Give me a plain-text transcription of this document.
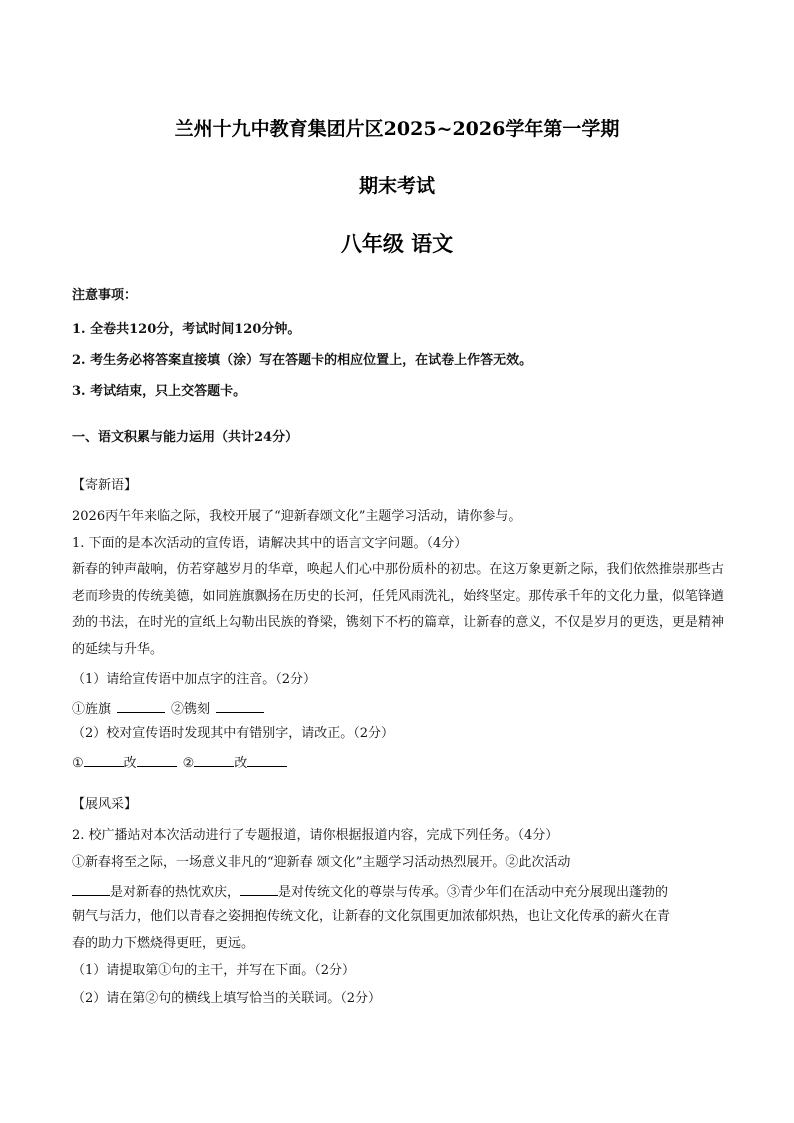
兰州十九中教育集团片区2025~2026学年第一学期
期末考试
八年级 语文
注意事项：
1. 全卷共120分，考试时间120分钟。
2. 考生务必将答案直接填（涂）写在答题卡的相应位置上，在试卷上作答无效。
3. 考试结束，只上交答题卡。
一、语文积累与能力运用（共计24分）
【寄新语】
2026丙午年来临之际，我校开展了“迎新春颂文化”主题学习活动，请你参与。
1. 下面的是本次活动的宣传语，请解决其中的语言文字问题。（4分）
新春的钟声敲响，仿若穿越岁月的华章，唤起人们心中那份质朴的初忠。在这万象更新之际，我们依然推崇那些古老而珍贵的传统美德，如同旌旗飘扬在历史的长河，任凭风雨洗礼，始终坚定。那传承千年的文化力量，似笔锋遒劲的书法，在时光的宣纸上勾勒出民族的脊梁，镌刻下不朽的篇章，让新春的意义，不仅是岁月的更迭，更是精神的延续与升华。
（1）请给宣传语中加点字的注音。（2分）
①旌旗	②镌刻
（2）校对宣传语时发现其中有错别字，请改正。（2分）
①	改	②	改
【展风采】
2. 校广播站对本次活动进行了专题报道，请你根据报道内容，完成下列任务。（4分）
①新春将至之际，一场意义非凡的“迎新春 颂文化”主题学习活动热烈展开。②此次活动
是对新春的热忱欢庆，	是对传统文化的尊崇与传承。③青少年们在活动中充分展现出蓬勃的
朝气与活力，他们以青春之姿拥抱传统文化，让新春的文化氛围更加浓郁炽热，也让文化传承的薪火在青
春的助力下燃烧得更旺，更远。
（1）请提取第①句的主干，并写在下面。（2分）
（2）请在第②句的横线上填写恰当的关联词。（2分）
